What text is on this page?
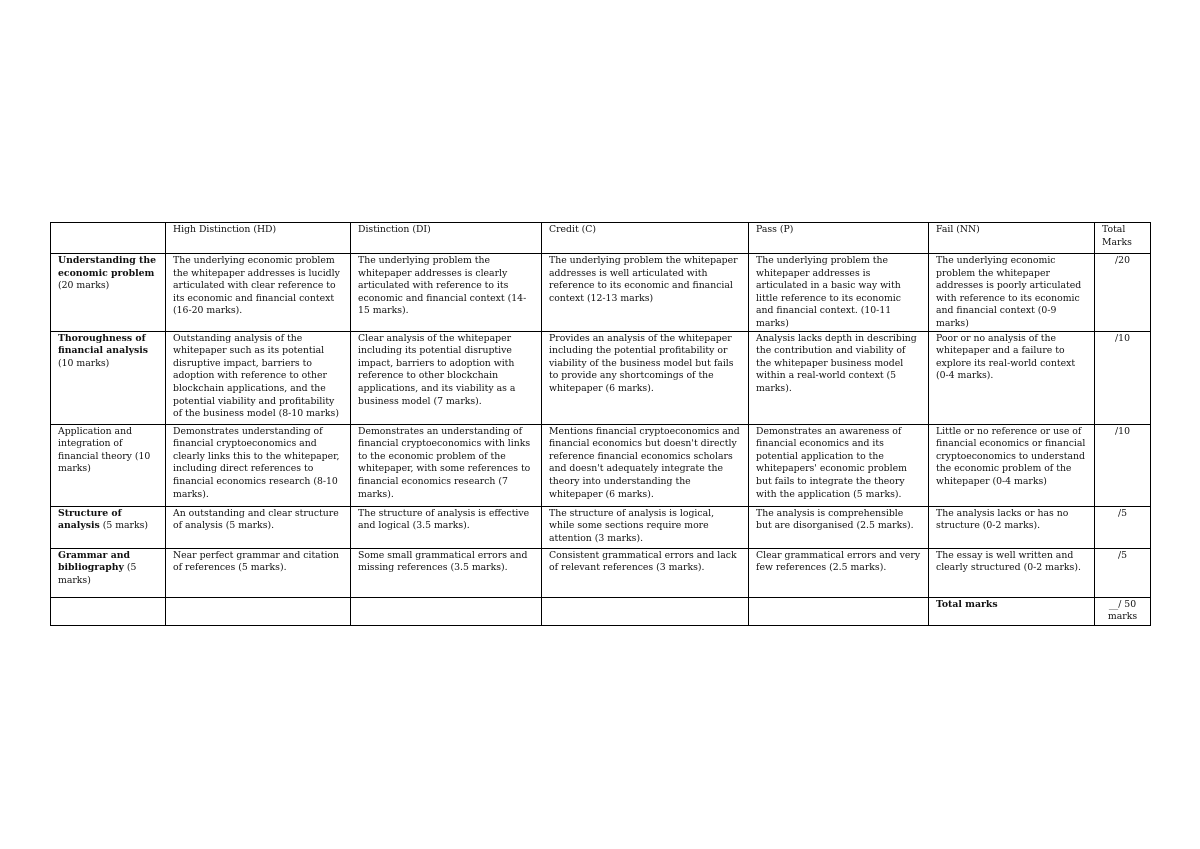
	High Distinction (HD)	Distinction (DI)	Credit (C)	Pass (P)	Fail (NN)	Total Marks
Understanding the economic problem (20 marks)	The underlying economic problem the whitepaper addresses is lucidly articulated with clear reference to its economic and financial context (16-20 marks).	The underlying problem the whitepaper addresses is clearly articulated with reference to its economic and financial context (14-15 marks).	The underlying problem the whitepaper addresses is well articulated with reference to its economic and financial context (12-13 marks)	The underlying problem the whitepaper addresses is articulated in a basic way with little reference to its economic and financial context. (10-11 marks)	The underlying economic problem the whitepaper addresses is poorly articulated with reference to its economic and financial context (0-9 marks)	/20
Thoroughness of financial analysis (10 marks)	Outstanding analysis of the whitepaper such as its potential disruptive impact, barriers to adoption with reference to other blockchain applications, and the potential viability and profitability of the business model (8-10 marks)	Clear analysis of the whitepaper including its potential disruptive impact, barriers to adoption with reference to other blockchain applications, and its viability as a business model (7 marks).	Provides an analysis of the whitepaper including the potential profitability or viability of the business model but fails to provide any shortcomings of the whitepaper (6 marks).	Analysis lacks depth in describing the contribution and viability of the whitepaper business model within a real-world context (5 marks).	Poor or no analysis of the whitepaper and a failure to explore its real-world context (0-4 marks).	/10
Application and integration of financial theory (10 marks)	Demonstrates understanding of financial cryptoeconomics and clearly links this to the whitepaper, including direct references to financial economics research (8-10 marks).	Demonstrates an understanding of financial cryptoeconomics with links to the economic problem of the whitepaper, with some references to financial economics research (7 marks).	Mentions financial cryptoeconomics and financial economics but doesn't directly reference financial economics scholars and doesn't adequately integrate the theory into understanding the whitepaper (6 marks).	Demonstrates an awareness of financial economics and its potential application to the whitepapers' economic problem but fails to integrate the theory with the application (5 marks).	Little or no reference or use of financial economics or financial cryptoeconomics to understand the economic problem of the whitepaper (0-4 marks)	/10
Structure of analysis (5 marks)	An outstanding and clear structure of analysis (5 marks).	The structure of analysis is effective and logical (3.5 marks).	The structure of analysis is logical, while some sections require more attention (3 marks).	The analysis is comprehensible but are disorganised (2.5 marks).	The analysis lacks or has no structure (0-2 marks).	/5
Grammar and bibliography (5 marks)	Near perfect grammar and citation of references (5 marks).	Some small grammatical errors and missing references (3.5 marks).	Consistent grammatical errors and lack of relevant references (3 marks).	Clear grammatical errors and very few references (2.5 marks).	The essay is well written and clearly structured (0-2 marks).	/5
					Total marks	__/ 50 marks
